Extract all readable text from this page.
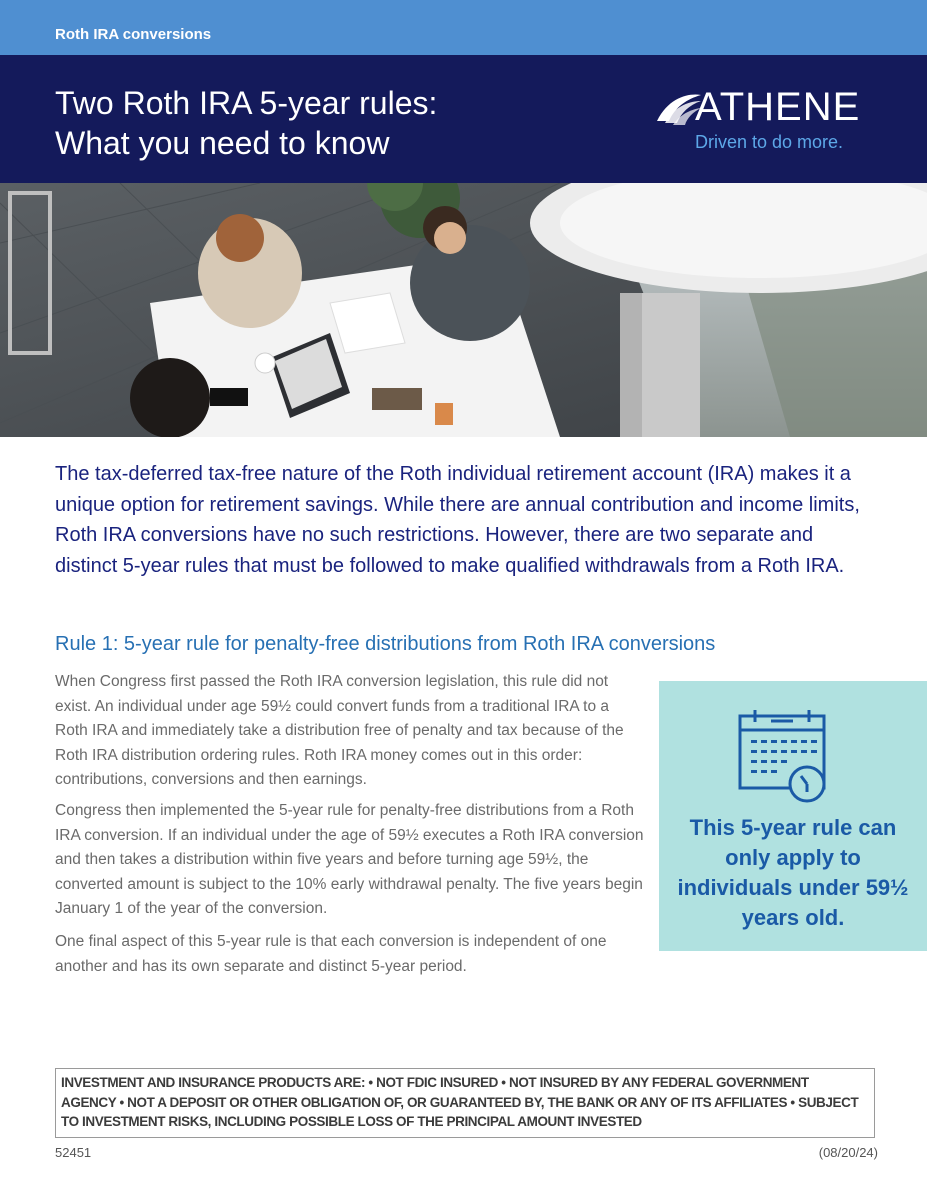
Roth IRA conversions
Two Roth IRA 5-year rules:
What you need to know
ATHENE
Driven to do more.
The tax-deferred tax-free nature of the Roth individual retirement account (IRA) makes it a unique option for retirement savings. While there are annual contribution and income limits, Roth IRA conversions have no such restrictions. However, there are two separate and distinct 5-year rules that must be followed to make qualified withdrawals from a Roth IRA.
Rule 1: 5-year rule for penalty-free distributions from Roth IRA conversions

When Congress first passed the Roth IRA conversion legislation, this rule did not exist. An individual under age 59½ could convert funds from a traditional IRA to a Roth IRA and immediately take a distribution free of penalty and tax because of the Roth IRA distribution ordering rules. Roth IRA money comes out in this order: contributions, conversions and then earnings.

Congress then implemented the 5-year rule for penalty-free distributions from a Roth IRA conversion. If an individual under the age of 59½ executes a Roth IRA conversion and then takes a distribution within five years and before turning age 59½, the converted amount is subject to the 10% early withdrawal penalty. The five years begin January 1 of the year of the conversion.

One final aspect of this 5-year rule is that each conversion is independent of one another and has its own separate and distinct 5-year period.

This 5-year rule can only apply to individuals under 59½ years old.
INVESTMENT AND INSURANCE PRODUCTS ARE: • NOT FDIC INSURED • NOT INSURED BY ANY FEDERAL GOVERNMENT AGENCY • NOT A DEPOSIT OR OTHER OBLIGATION OF, OR GUARANTEED BY, THE BANK OR ANY OF ITS AFFILIATES • SUBJECT TO INVESTMENT RISKS, INCLUDING POSSIBLE LOSS OF THE PRINCIPAL AMOUNT INVESTED
52451	(08/20/24)
